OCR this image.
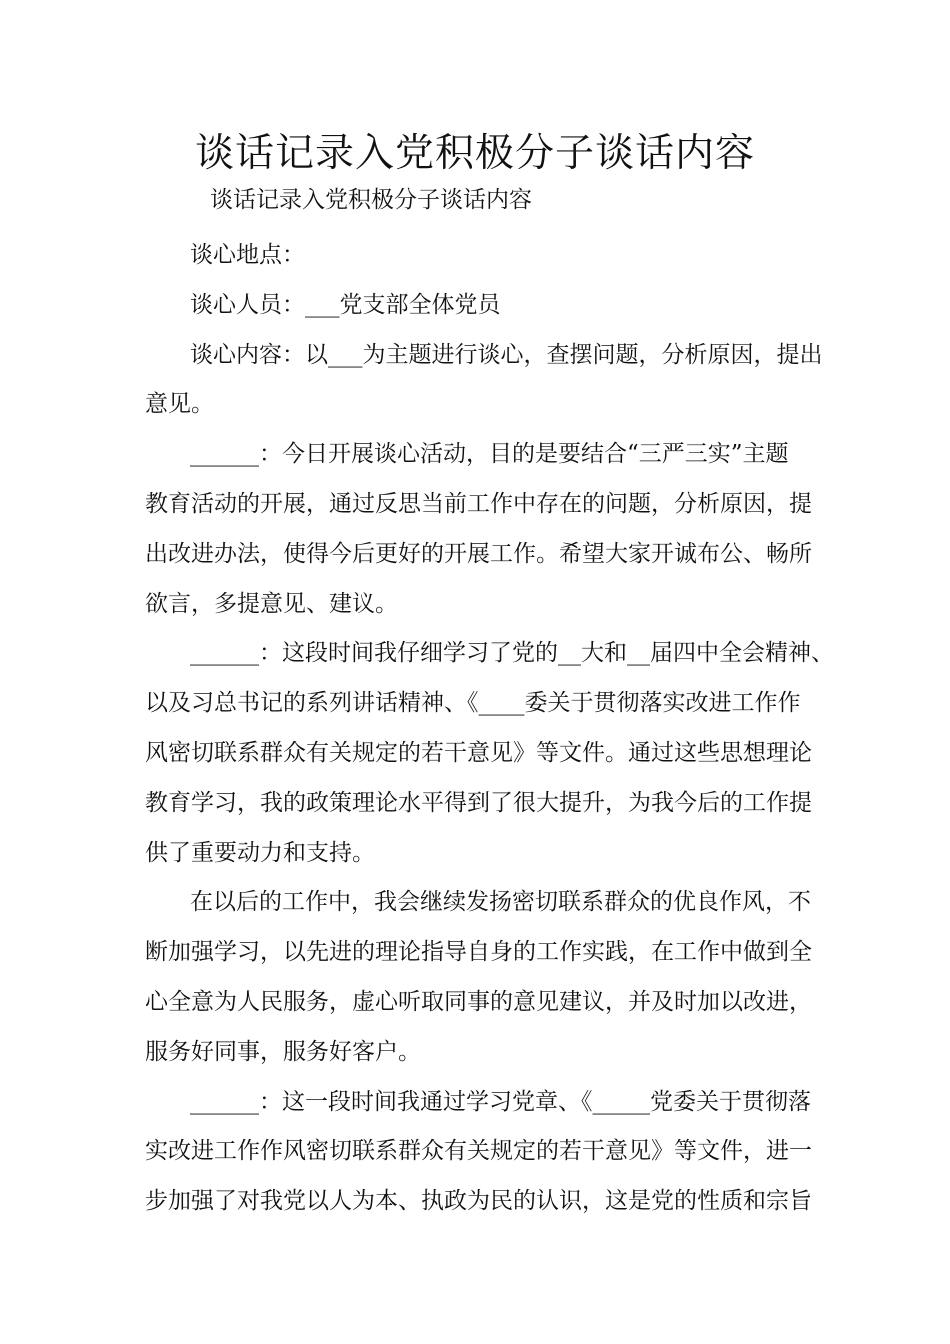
谈话记录入党积极分子谈话内容

谈话记录入党积极分子谈话内容

谈心地点：
谈心人员：___党支部全体党员
谈心内容：以___为主题进行谈心，查摆问题，分析原因，提出
意见。
______：今日开展谈心活动，目的是要结合“三严三实”主题
教育活动的开展，通过反思当前工作中存在的问题，分析原因，提
出改进办法，使得今后更好的开展工作。希望大家开诚布公、畅所
欲言，多提意见、建议。
______：这段时间我仔细学习了党的__大和__届四中全会精神、
以及习总书记的系列讲话精神、《____委关于贯彻落实改进工作作
风密切联系群众有关规定的若干意见》等文件。通过这些思想理论
教育学习，我的政策理论水平得到了很大提升，为我今后的工作提
供了重要动力和支持。
在以后的工作中，我会继续发扬密切联系群众的优良作风，不
断加强学习，以先进的理论指导自身的工作实践，在工作中做到全
心全意为人民服务，虚心听取同事的意见建议，并及时加以改进，
服务好同事，服务好客户。
______：这一段时间我通过学习党章、《_____党委关于贯彻落
实改进工作作风密切联系群众有关规定的若干意见》等文件，进一
步加强了对我党以人为本、执政为民的认识，这是党的性质和宗旨
